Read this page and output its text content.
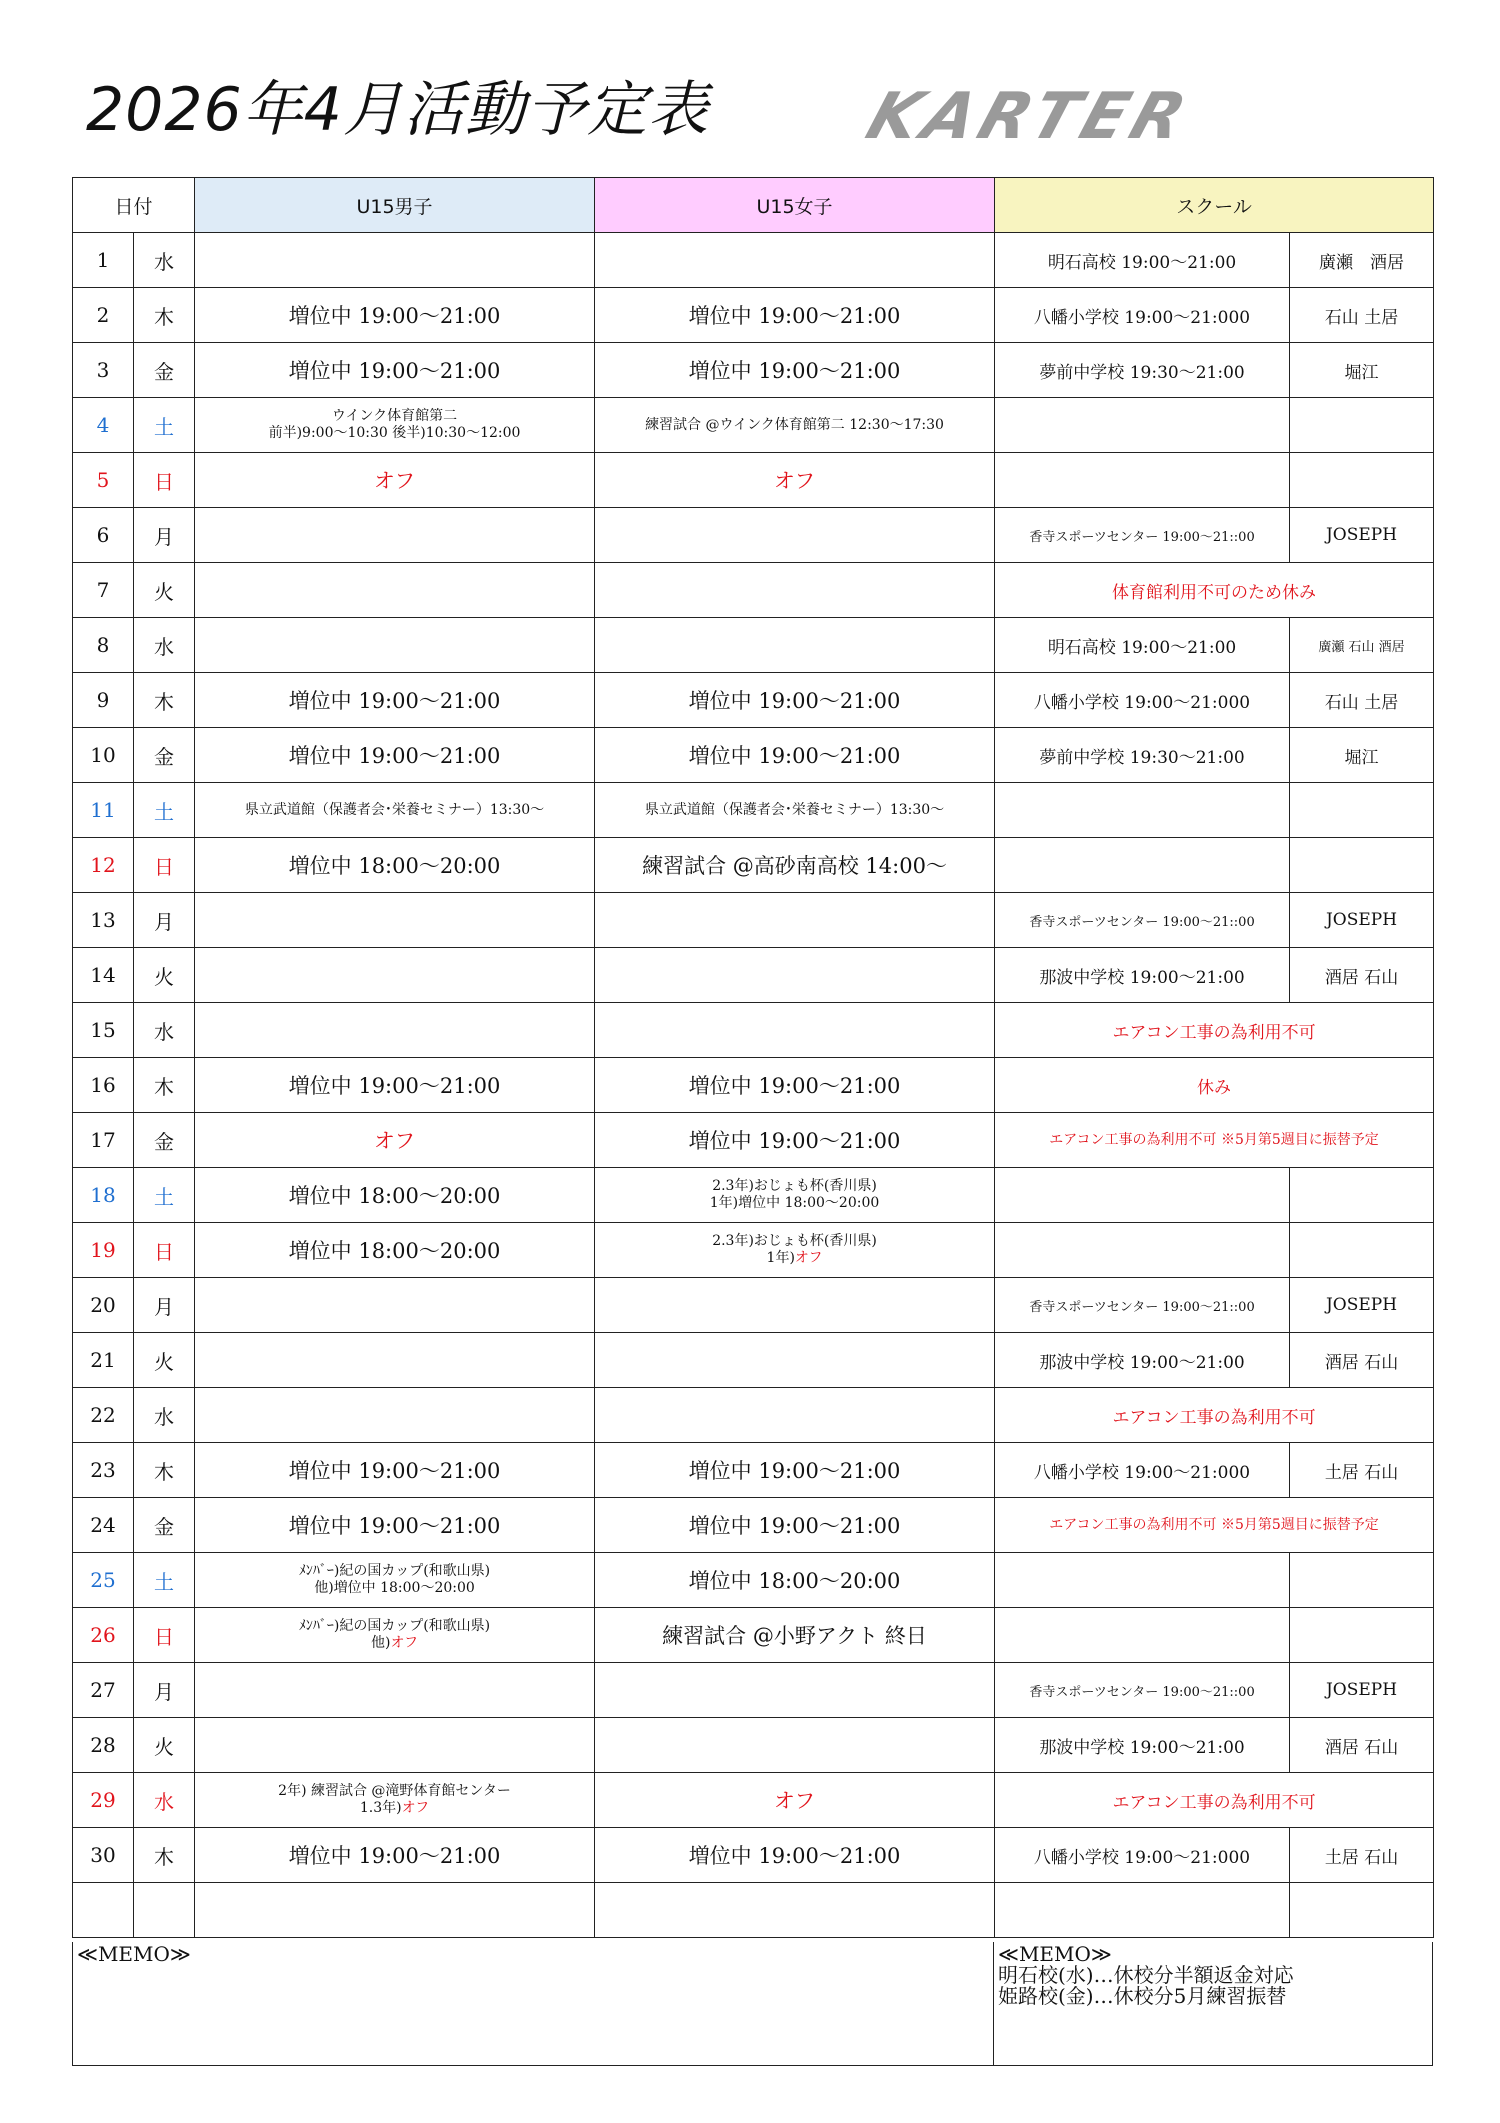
2026年4月活動予定表 KARTER
日付		U15男子	U15女子	スクール	
1	水			明石高校 19:00～21:00	廣瀬　酒居
2	木	増位中 19:00～21:00	増位中 19:00～21:00	八幡小学校 19:00～21:000	石山 土居
3	金	増位中 19:00～21:00	増位中 19:00～21:00	夢前中学校 19:30～21:00	堀江
4	土	ウインク体育館第二
前半)9:00～10:30 後半)10:30～12:00	練習試合 @ウインク体育館第二 12:30～17:30		
5	日	オフ	オフ		
6	月			香寺スポーツセンター 19:00～21::00	JOSEPH
7	火			体育館利用不可のため休み	
8	水			明石高校 19:00～21:00	廣瀬 石山 酒居
9	木	増位中 19:00～21:00	増位中 19:00～21:00	八幡小学校 19:00～21:000	石山 土居
10	金	増位中 19:00～21:00	増位中 19:00～21:00	夢前中学校 19:30～21:00	堀江
11	土	県立武道館（保護者会･栄養セミナー）13:30～	県立武道館（保護者会･栄養セミナー）13:30～		
12	日	増位中 18:00～20:00	練習試合 @高砂南高校 14:00～		
13	月			香寺スポーツセンター 19:00～21::00	JOSEPH
14	火			那波中学校 19:00～21:00	酒居 石山
15	水			エアコン工事の為利用不可	
16	木	増位中 19:00～21:00	増位中 19:00～21:00	休み	
17	金	オフ	増位中 19:00～21:00	エアコン工事の為利用不可 ※5月第5週目に振替予定	
18	土	増位中 18:00～20:00	2.3年)おじょも杯(香川県)
1年)増位中 18:00～20:00		
19	日	増位中 18:00～20:00	2.3年)おじょも杯(香川県)
1年)オフ		
20	月			香寺スポーツセンター 19:00～21::00	JOSEPH
21	火			那波中学校 19:00～21:00	酒居 石山
22	水			エアコン工事の為利用不可	
23	木	増位中 19:00～21:00	増位中 19:00～21:00	八幡小学校 19:00～21:000	土居 石山
24	金	増位中 19:00～21:00	増位中 19:00～21:00	エアコン工事の為利用不可 ※5月第5週目に振替予定	
25	土	ﾒﾝﾊﾞｰ)紀の国カップ(和歌山県)
他)増位中 18:00～20:00	増位中 18:00～20:00		
26	日	ﾒﾝﾊﾞｰ)紀の国カップ(和歌山県)
他)オフ	練習試合 @小野アクト 終日		
27	月			香寺スポーツセンター 19:00～21::00	JOSEPH
28	火			那波中学校 19:00～21:00	酒居 石山
29	水	2年) 練習試合 @滝野体育館センター
1.3年)オフ	オフ	エアコン工事の為利用不可	
30	木	増位中 19:00～21:00	増位中 19:00～21:00	八幡小学校 19:00～21:000	土居 石山

≪MEMO≫	≪MEMO≫
明石校(水)…休校分半額返金対応
姫路校(金)…休校分5月練習振替
